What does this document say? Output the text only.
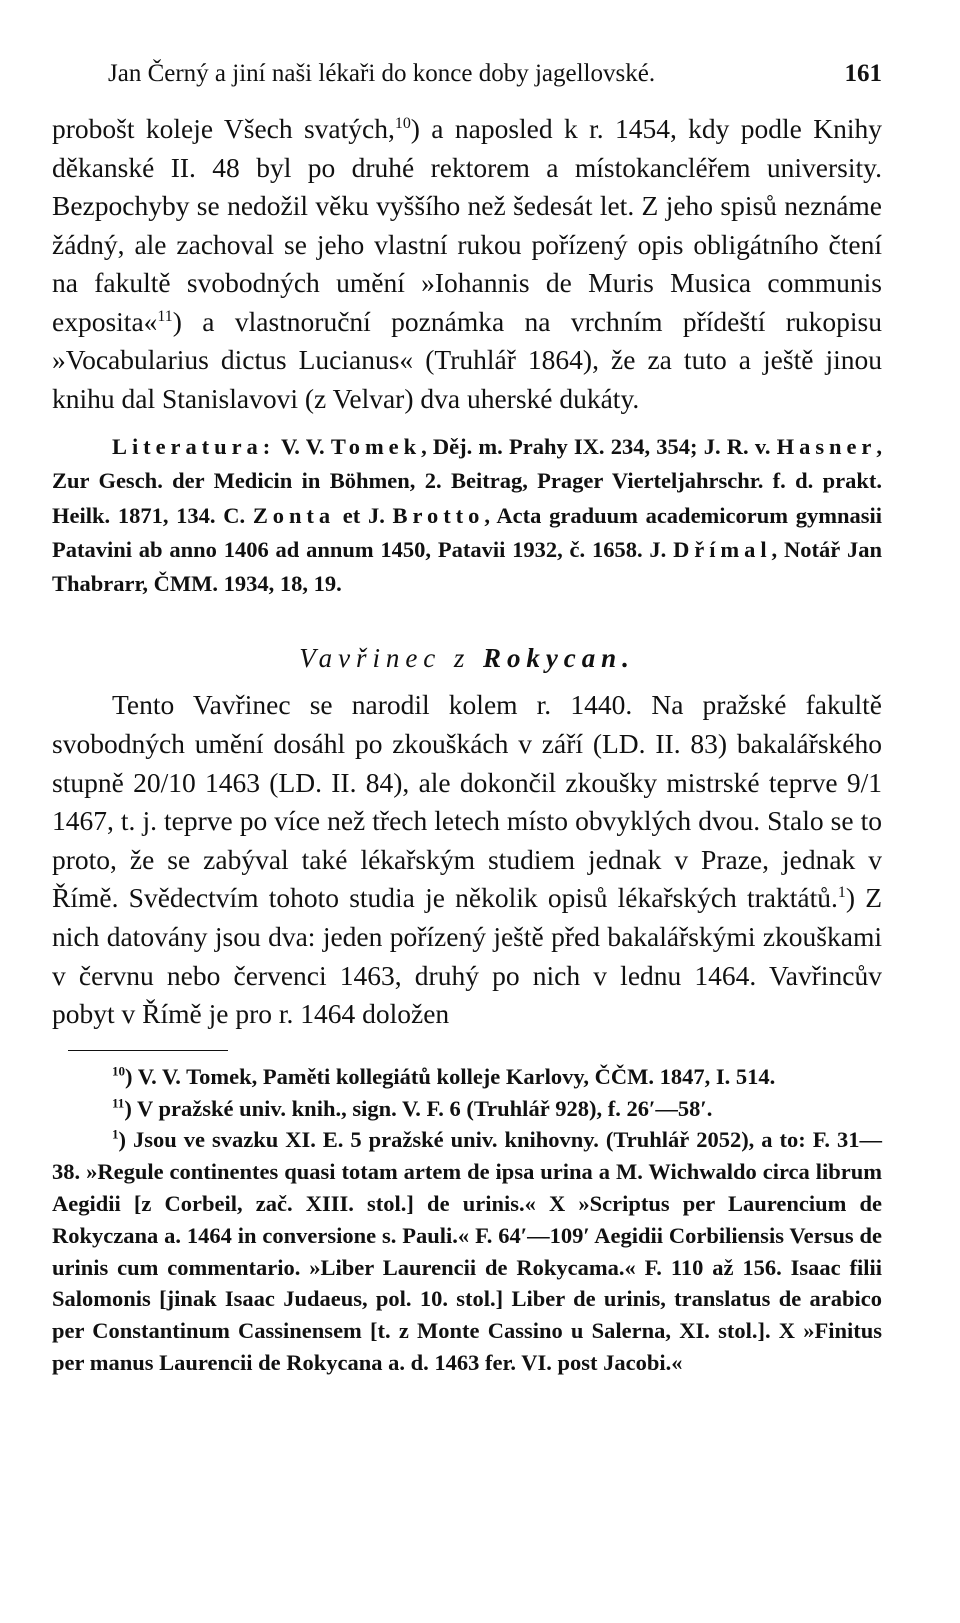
Jan Černý a jiní naši lékaři do konce doby jagellovské.	161

probošt koleje Všech svatých,$^{10}$) a naposled k r. 1454, kdy podle Knihy děkanské II. 48 byl po druhé rektorem a místokancléřem university. Bezpochyby se nedožil věku vyššího než šedesát let. Z jeho spisů neznáme žádný, ale zachoval se jeho vlastní rukou pořízený opis obligátního čtení na fakultě svobodných umění »Iohannis de Muris Musica communis exposita«$^{11}$) a vlastnoruční poznámka na vrchním přídeští rukopisu »Vocabularius dictus Lucianus« (Truhlář 1864), že za tuto a ještě jinou knihu dal Stanislavovi (z Velvar) dva uherské dukáty.

Literatura: V. V. Tomek, Děj. m. Prahy IX. 234, 354; J. R. v. Hasner, Zur Gesch. der Medicin in Böhmen, 2. Beitrag, Prager Vierteljahrschr. f. d. prakt. Heilk. 1871, 134. C. Zonta et J. Brotto, Acta graduum academicorum gymnasii Patavini ab anno 1406 ad annum 1450, Patavii 1932, č. 1658. J. Dřímal, Notář Jan Thabrarr, ČMM. 1934, 18, 19.
Vavřinec z Rokycan.

Tento Vavřinec se narodil kolem r. 1440. Na pražské fakultě svobodných umění dosáhl po zkouškách v září (LD. II. 83) bakalářského stupně 20/10 1463 (LD. II. 84), ale dokončil zkoušky mistrské teprve 9/1 1467, t. j. teprve po více než třech letech místo obvyklých dvou. Stalo se to proto, že se zabýval také lékařským studiem jednak v Praze, jednak v Římě. Svědectvím tohoto studia je několik opisů lékařských traktátů.$^1$) Z nich datovány jsou dva: jeden pořízený ještě před bakalářskými zkouškami v červnu nebo červenci 1463, druhý po nich v lednu 1464. Vavřincův pobyt v Římě je pro r. 1464 doložen

$^{10}$) V. V. Tomek, Paměti kollegiátů kolleje Karlovy, ČČM. 1847, I. 514.

$^{11}$) V pražské univ. knih., sign. V. F. 6 (Truhlář 928), f. 26′—58′.

$^1$) Jsou ve svazku XI. E. 5 pražské univ. knihovny. (Truhlář 2052), a to: F. 31—38. »Regule continentes quasi totam artem de ipsa urina a M. Wichwaldo circa librum Aegidii [z Corbeil, zač. XIII. stol.] de urinis.« X »Scriptus per Laurencium de Rokyczana a. 1464 in conversione s. Pauli.« F. 64′—109′ Aegidii Corbiliensis Versus de urinis cum commentario. »Liber Laurencii de Rokycama.« F. 110 až 156. Isaac filii Salomonis [jinak Isaac Judaeus, pol. 10. stol.] Liber de urinis, translatus de arabico per Constantinum Cassinensem [t. z Monte Cassino u Salerna, XI. stol.]. X »Finitus per manus Laurencii de Rokycana a. d. 1463 fer. VI. post Jacobi.«
